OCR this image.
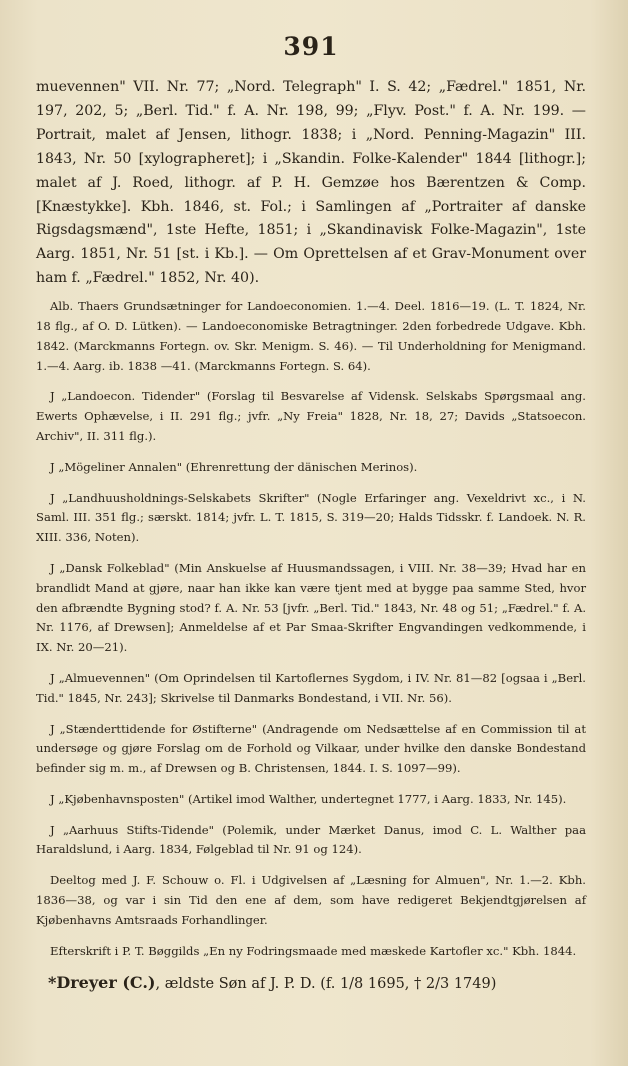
391

muevennen" VII. Nr. 77; „Nord. Telegraph" I. S. 42; „Fædrel." 1851, Nr. 197, 202, 5; „Berl. Tid." f. A. Nr. 198, 99; „Flyv. Post." f. A. Nr. 199. — Portrait, malet af Jensen, lithogr. 1838; i „Nord. Penning-Magazin" III. 1843, Nr. 50 [xylographeret]; i „Skandin. Folke-Kalender" 1844 [lithogr.]; malet af J. Roed, lithogr. af P. H. Gemzøe hos Bærentzen & Comp. [Knæstykke]. Kbh. 1846, st. Fol.; i Samlingen af „Portraiter af danske Rigsdagsmænd", 1ste Hefte, 1851; i „Skandinavisk Folke-Magazin", 1ste Aarg. 1851, Nr. 51 [st. i Kb.]. — Om Oprettelsen af et Grav-Monument over ham f. „Fædrel." 1852, Nr. 40).

Alb. Thaers Grundsætninger for Landoeconomien. 1.—4. Deel. 1816—19. (L. T. 1824, Nr. 18 flg., af O. D. Lütken). — Landoeconomiske Betragtninger. 2den forbedrede Udgave. Kbh. 1842. (Marckmanns Fortegn. ov. Skr. Menigm. S. 46). — Til Underholdning for Menigmand. 1.—4. Aarg. ib. 1838 —41. (Marckmanns Fortegn. S. 64).

J „Landoecon. Tidender" (Forslag til Besvarelse af Vidensk. Selskabs Spørgsmaal ang. Ewerts Ophævelse, i II. 291 flg.; jvfr. „Ny Freia" 1828, Nr. 18, 27; Davids „Statsoecon. Archiv", II. 311 flg.).

J „Mögeliner Annalen" (Ehrenrettung der dänischen Merinos).

J „Landhuusholdnings-Selskabets Skrifter" (Nogle Erfaringer ang. Vexeldrivt xc., i N. Saml. III. 351 flg.; særskt. 1814; jvfr. L. T. 1815, S. 319—20; Halds Tidsskr. f. Landoek. N. R. XIII. 336, Noten).

J „Dansk Folkeblad" (Min Anskuelse af Huusmandssagen, i VIII. Nr. 38—39; Hvad har en brandlidt Mand at gjøre, naar han ikke kan være tjent med at bygge paa samme Sted, hvor den afbrændte Bygning stod? f. A. Nr. 53 [jvfr. „Berl. Tid." 1843, Nr. 48 og 51; „Fædrel." f. A. Nr. 1176, af Drewsen]; Anmeldelse af et Par Smaa-Skrifter Engvandingen vedkommende, i IX. Nr. 20—21).

J „Almuevennen" (Om Oprindelsen til Kartoflernes Sygdom, i IV. Nr. 81—82 [ogsaa i „Berl. Tid." 1845, Nr. 243]; Skrivelse til Danmarks Bondestand, i VII. Nr. 56).

J „Stænderttidende for Østifterne" (Andragende om Nedsættelse af en Commission til at undersøge og gjøre Forslag om de Forhold og Vilkaar, under hvilke den danske Bondestand befinder sig m. m., af Drewsen og B. Christensen, 1844. I. S. 1097—99).

J „Kjøbenhavnsposten" (Artikel imod Walther, undertegnet 1777, i Aarg. 1833, Nr. 145).

J „Aarhuus Stifts-Tidende" (Polemik, under Mærket Danus, imod C. L. Walther paa Haraldslund, i Aarg. 1834, Følgeblad til Nr. 91 og 124).

Deeltog med J. F. Schouw o. Fl. i Udgivelsen af „Læsning for Almuen", Nr. 1.—2. Kbh. 1836—38, og var i sin Tid den ene af dem, som have redigeret Bekjendtgjørelsen af Kjøbenhavns Amtsraads Forhandlinger.

Efterskrift i P. T. Bøggilds „En ny Fodringsmaade med mæskede Kartofler xc." Kbh. 1844.

*Dreyer (C.), ældste Søn af J. P. D. (f. 1/8 1695, † 2/3 1749)
